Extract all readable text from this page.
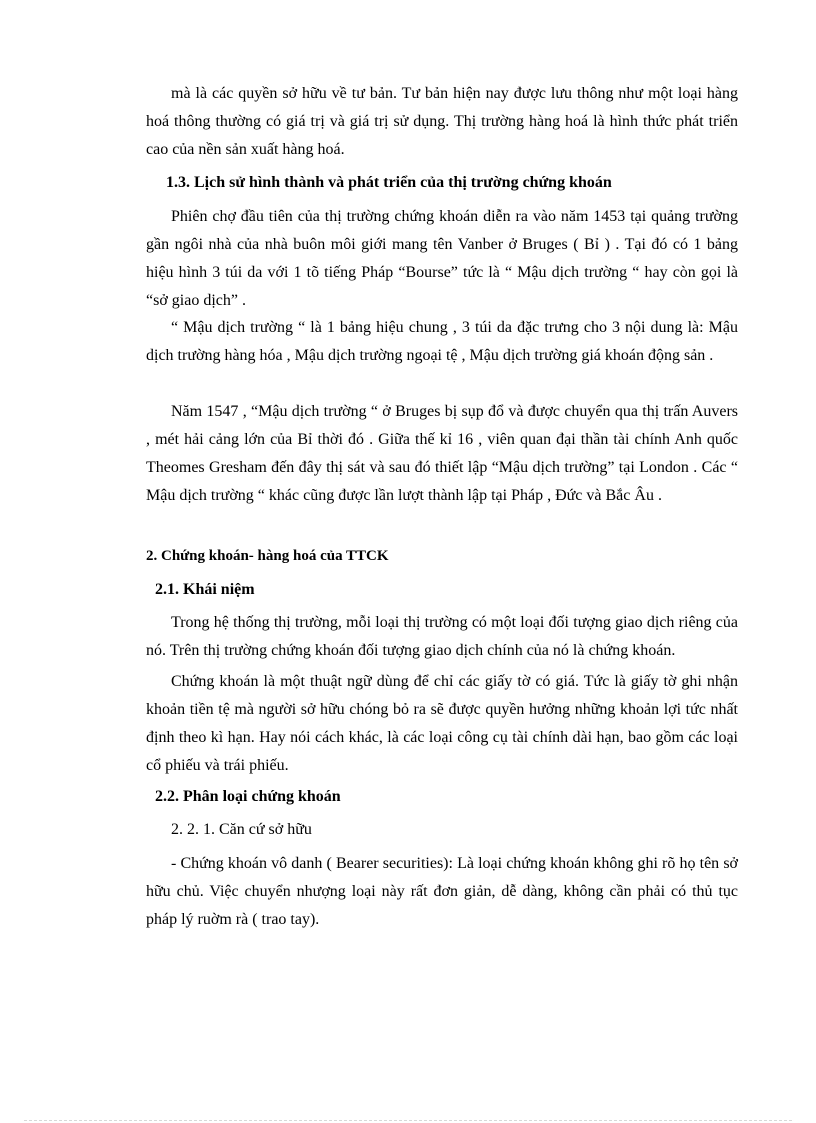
mà là các quyền sở hữu về tư bản. Tư bản hiện nay được lưu thông như một loại hàng hoá thông thường có giá trị và giá trị sử dụng. Thị trường hàng hoá là hình thức phát triển cao của nền sản xuất hàng hoá.

1.3. Lịch sử hình thành và phát triển của thị trường chứng khoán

Phiên chợ đầu tiên của thị trường chứng khoán diễn ra vào năm 1453 tại quảng trường gần ngôi nhà của nhà buôn môi giới mang tên Vanber ở Bruges ( Bỉ ) . Tại đó có 1 bảng hiệu hình 3 túi da với 1 tõ tiếng Pháp “Bourse” tức là “ Mậu dịch trường “ hay còn gọi là “sở giao dịch” .

“ Mậu dịch trường “ là 1 bảng hiệu chung , 3 túi da đặc trưng cho 3 nội dung là: Mậu dịch trường hàng hóa , Mậu dịch trường ngoại tệ , Mậu dịch trường giá khoán động sản .

Năm 1547 , “Mậu dịch trường “ ở Bruges bị sụp đổ và được chuyển qua thị trấn Auvers , mét hải cảng lớn của Bỉ thời đó . Giữa thế kỉ 16 , viên quan đại thần tài chính Anh quốc Theomes Gresham đến đây thị sát và sau đó thiết lập “Mậu dịch trường” tại London . Các “ Mậu dịch trường “ khác cũng được lần lượt thành lập tại Pháp , Đức và Bắc Âu .

2. Chứng khoán- hàng hoá của TTCK
2.1. Khái niệm

Trong hệ thống thị trường, mỗi loại thị trường có một loại đối tượng giao dịch riêng của nó. Trên thị trường chứng khoán đối tượng giao dịch chính của nó là chứng khoán.

Chứng khoán là một thuật ngữ dùng để chỉ các giấy tờ có giá. Tức là giấy tờ ghi nhận khoản tiền tệ mà người sở hữu chóng bỏ ra sẽ được quyền hưởng những khoản lợi tức nhất định theo kì hạn. Hay nói cách khác, là các loại công cụ tài chính dài hạn, bao gồm các loại cổ phiếu và trái phiếu.

2.2. Phân loại chứng khoán
2. 2. 1. Căn cứ sở hữu

- Chứng khoán vô danh ( Bearer securities): Là loại chứng khoán không ghi rõ họ tên sở hữu chủ. Việc chuyển nhượng loại này rất đơn giản, dễ dàng, không cần phải có thủ tục pháp lý ruờm rà ( trao tay).
